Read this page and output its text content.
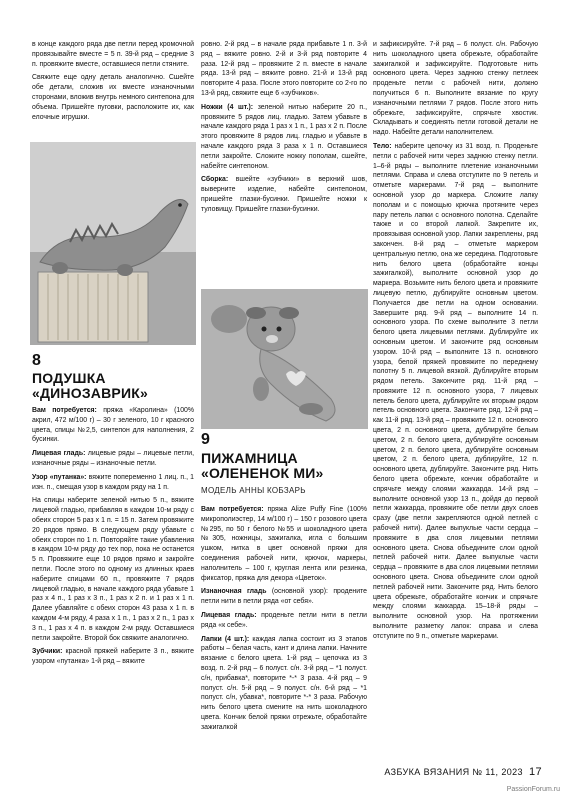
в конце каждого ряда две петли перед кромочной провязывайте вместе = 5 п. 39-й ряд – средние 3 п. провяжите вместе, оставшиеся петли стяните.

Свяжите еще одну деталь аналогично. Сшейте обе детали, сложив их вместе изнаночными сторонами, вложив внутрь немного синтепона для объема. Пришейте пуговки, расположите их, как елочные игрушки.

8
ПОДУШКА
«ДИНОЗАВРИК»

Вам потребуется: пряжа «Каролина» (100% акрил, 472 м/100 г) – 30 г зеленого, 10 г красного цвета, спицы №2,5, синтепон для наполнения, 2 бусинки.

Лицевая гладь: лицевые ряды – лицевые петли, изнаночные ряды – изнаночные петли.

Узор «путанка»: вяжите попеременно 1 лиц. п., 1 изн. п., смещая узор в каждом ряду на 1 п.

На спицы наберите зеленой нитью 5 п., вяжите лицевой гладью, прибавляя в каждом 10-м ряду с обеих сторон 5 раз х 1 п. = 15 п. Затем провяжите 20 рядов прямо. В следующем ряду убавьте с обеих сторон по 1 п. Повторяйте такие убавления в каждом 10-м ряду до тех пор, пока не останется 5 п. Провяжите еще 10 рядов прямо и закройте петли. После этого по одному из длинных краев наберите спицами 60 п., провяжите 7 рядов лицевой гладью, в начале каждого ряда убавьте 1 раз х 4 п., 1 раз х 3 п., 1 раз х 2 п. и 1 раз х 1 п. Далее убавляйте с обеих сторон 43 раза х 1 п. в каждом 4-м ряду, 4 раза х 1 п., 1 раз х 2 п., 1 раз х 3 п., 1 раз х 4 п. в каждом 2-м ряду. Оставшиеся петли закройте. Второй бок свяжите аналогично.

Зубчики: красной пряжей наберите 3 п., вяжите узором «путанка» 1-й ряд – вяжите

ровно. 2-й ряд – в начале ряда прибавьте 1 п. 3-й ряд – вяжите ровно. 2-й и 3-й ряд повторите 4 раза. 12-й ряд – провяжите 2 п. вместе в начале ряда. 13-й ряд – вяжите ровно. 21-й и 13-й ряд повторите 4 раза. После этого повторите со 2-го по 13-й ряд, свяжите еще 6 «зубчиков».

Ножки (4 шт.): зеленой нитью наберите 20 п., провяжите 5 рядов лиц. гладью. Затем убавьте в начале каждого ряда 1 раз х 1 п., 1 раз х 2 п. После этого провяжите 8 рядов лиц. гладью и убавьте в начале каждого ряда 3 раза х 1 п. Оставшиеся петли закройте. Сложите ножку пополам, сшейте, набейте синтепоном.

Сборка: вшейте «зубчики» в верхний шов, выверните изделие, набейте синтепоном, пришейте глазки-бусинки. Пришейте ножки к туловищу. Пришейте глазки-бусинки.

9
ПИЖАМНИЦА
«ОЛЕНЕНОК МИ»
МОДЕЛЬ АННЫ КОБЗАРЬ

Вам потребуется: пряжа Alize Puffy Fine (100% микрополиэстер, 14 м/100 г) – 150 г розового цвета №295, по 50 г белого №55 и шоколадного цвета №305, ножницы, зажигалка, игла с большим ушком, нитка в цвет основной пряжи для соединения рабочей нити, крючок, маркеры, наполнитель – 100 г, круглая лента или резинка, фиксатор, пряжа для декора «Цветок».

Изнаночная гладь (основной узор): продените петли нити в петли ряда «от себя».

Лицевая гладь: проденьте петли нити в петли ряда «к себе».

Лапки (4 шт.): каждая лапка состоит из 3 этапов работы – белая часть, кант и длина лапки. Начните вязание с белого цвета. 1-й ряд – цепочка из 3 возд. п. 2-й ряд – 6 полуст. с/н. 3-й ряд – *1 полуст. с/н, прибавка*, повторите *-* 3 раза. 4-й ряд – 9 полуст. с/н. 5-й ряд – 9 полуст. с/н. 6-й ряд – *1 полуст. с/н, убавка*, повторите *-* 3 раза. Рабочую нить белого цвета смените на нить шоколадного цвета. Кончик белой пряжи отрежьте, обработайте зажигалкой

и зафиксируйте. 7-й ряд – 6 полуст. с/н. Рабочую нить шоколадного цвета обрежьте, обработайте зажигалкой и зафиксируйте. Подготовьте нить основного цвета. Через заднюю стенку петлеек проденьте петли с рабочей нити, должно получиться 6 п. Выполните вязание по кругу изнаночными петлями 7 рядов. После этого нить обрежьте, зафиксируйте, спрячьте хвостик. Складывать и соединять петли готовой детали не надо. Набейте детали наполнителем.

Тело: наберите цепочку из 31 возд. п. Проденьте петли с рабочей нити через заднюю стенку петли. 1–6-й ряды – выполните плетение изнаночными петлями. Справа и слева отступите по 9 петель и отметьте маркерами. 7-й ряд – выполните основной узор до маркера. Сложите лапку пополам и с помощью крючка протяните через пару петель лапки с основного полотна. Сделайте также и со второй лапкой. Закрепите их, провязывая основной узор. Лапки закреплены, ряд закончен. 8-й ряд – отметьте маркером центральную петлю, она же середина. Подготовьте нить белого цвета (обработайте концы зажигалкой), выполните основной узор до маркера. Возьмите нить белого цвета и провяжите лицевую петлю, дублируйте основным цветом. Получается две петли на одном основании. Завершите ряд. 9-й ряд – выполните 14 п. основного узора. По схеме выполните 3 петли белого цвета лицевыми петлями. Дублируйте их основным цветом. И закончите ряд основным узором. 10-й ряд – выполните 13 п. основного узора, белой пряжей провяжите по переднему полотну 5 п. лицевой вязкой. Дублируйте вторым рядом петель. Закончите ряд. 11-й ряд – провяжите 12 п. основного узора, 7 лицевых петель белого цвета, дублируйте их вторым рядом петель основного цвета. Закончите ряд. 12-й ряд – как 11-й ряд. 13-й ряд – провяжите 12 п. основного цвета, 2 п. основного цвета, дублируйте белым цветом, 2 п. белого цвета, дублируйте основным цветом, 2 п. белого цвета, дублируйте основным цветом, 2 п. белого цвета, дублируйте, 12 п. основного цвета, дублируйте. Закончите ряд. Нить белого цвета обрежьте, кончик обработайте и спрячьте между слоями жаккарда. 14-й ряд – выполните основной узор 13 п., дойдя до первой петли жаккарда, провяжите обе петли двух слоев сразу (две петли закрепляются одной петлей с рабочей нити). Далее выпуклые части сердца – провяжите в два слоя лицевыми петлями основного цвета. Снова объедините слои одной петлей рабочей нити. Далее выпуклые части сердца – провяжите в два слоя лицевыми петлями основного цвета. Снова объедините слои одной петлей рабочей нити. Закончите ряд. Нить белого цвета обрежьте, обработайте кончик и спрячьте между слоями жаккарда. 15–18-й ряды – выполните основной узор. На протяжении выполните разметку лапок: справа и слева отступите по 9 п., отметьте маркерами.

АЗБУКА ВЯЗАНИЯ № 11, 2023 17
PassionForum.ru
